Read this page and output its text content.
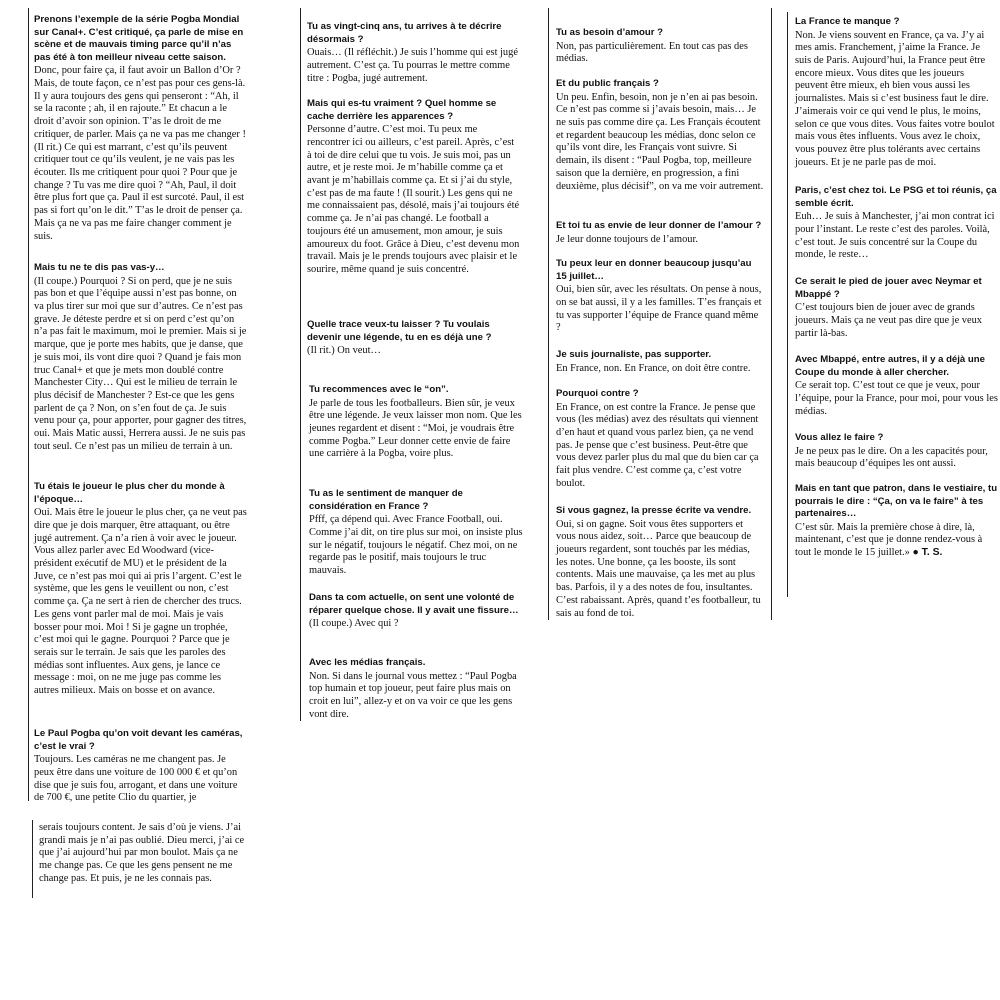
Prenons l’exemple de la série Pogba Mondial sur Canal+. C’est critiqué, ça parle de mise en scène et de mauvais timing parce qu’il n’as pas été à ton meilleur niveau cette saison.

Donc, pour faire ça, il faut avoir un Ballon d’Or ? Mais, de toute façon, ce n’est pas pour ces gens-là. Il y aura toujours des gens qui penseront : “Ah, il se la raconte ; ah, il en rajoute.” Et chacun a le droit d’avoir son opinion. T’as le droit de me critiquer, de parler. Mais ça ne va pas me changer ! (Il rit.) Ce qui est marrant, c’est qu’ils peuvent critiquer tout ce qu’ils veulent, je ne vais pas les écouter. Ils me critiquent pour quoi ? Pour que je change ? Tu vas me dire quoi ? “Ah, Paul, il doit être plus fort que ça. Paul il est surcoté. Paul, il est pas si fort qu’on le dit.” T’as le droit de penser ça. Mais ça ne va pas me faire changer comment je suis.

Mais tu ne te dis pas vas-y…

(Il coupe.) Pourquoi ? Si on perd, que je ne suis pas bon et que l’équipe aussi n’est pas bonne, on va plus tirer sur moi que sur d’autres. Ce n’est pas grave. Je déteste perdre et si on perd c’est qu’on n’a pas fait le maximum, moi le premier. Mais si je marque, que je porte mes habits, que je danse, que je suis moi, ils vont dire quoi ? Quand je fais mon truc Canal+ et que je mets mon doublé contre Manchester City… Qui est le milieu de terrain le plus décisif de Manchester ? Est-ce que les gens parlent de ça ? Non, on s’en fout de ça. Je suis venu pour ça, pour apporter, pour gagner des titres, oui. Mais Matic aussi, Herrera aussi. Je ne suis pas tout seul. Ce n’est pas un milieu de terrain à un.

Tu étais le joueur le plus cher du monde à l’époque…

Oui. Mais être le joueur le plus cher, ça ne veut pas dire que je dois marquer, être attaquant, ou être jugé autrement. Ça n’a rien à voir avec le joueur. Vous allez parler avec Ed Woodward (vice-président exécutif de MU) et le président de la Juve, ce n’est pas moi qui ai pris l’argent. C’est le système, que les gens le veuillent ou non, c’est comme ça. Ça ne sert à rien de chercher des trucs. Les gens vont parler mal de moi. Mais je vais bosser pour moi. Moi ! Si je gagne un trophée, c’est moi qui le gagne. Pourquoi ? Parce que je serais sur le terrain. Je sais que les paroles des médias sont influentes. Aux gens, je lance ce message : moi, on ne me juge pas comme les autres milieux. Mais on bosse et on avance.

Le Paul Pogba qu’on voit devant les caméras, c’est le vrai ?

Toujours. Les caméras ne me changent pas. Je peux être dans une voiture de 100 000 € et qu’on dise que je suis fou, arrogant, et dans une voiture de 700 €, une petite Clio du quartier, je

serais toujours content. Je sais d’où je viens. J’ai grandi mais je n’ai pas oublié. Dieu merci, j’ai ce que j’ai aujourd’hui par mon boulot. Mais ça ne me change pas. Ce que les gens pensent ne me change pas. Et puis, je ne les connais pas.

Tu as vingt-cinq ans, tu arrives à te décrire désormais ?

Ouais… (Il réfléchit.) Je suis l’homme qui est jugé autrement. C’est ça. Tu pourras le mettre comme titre : Pogba, jugé autrement.

Mais qui es-tu vraiment ? Quel homme se cache derrière les apparences ?

Personne d’autre. C’est moi. Tu peux me rencontrer ici ou ailleurs, c’est pareil. Après, c’est à toi de dire celui que tu vois. Je suis moi, pas un autre, et je reste moi. Je m’habille comme ça et avant je m’habillais comme ça. Et si j’ai du style, c’est pas de ma faute ! (Il sourit.) Les gens qui ne me connaissaient pas, désolé, mais j’ai toujours été comme ça. Je n’ai pas changé. Le football a toujours été un amusement, mon amour, je suis amoureux du foot. Grâce à Dieu, c’est devenu mon travail. Mais je le prends toujours avec plaisir et le sourire, même quand je suis concentré.

Quelle trace veux-tu laisser ? Tu voulais devenir une légende, tu en es déjà une ?

(Il rit.) On veut…

Tu recommences avec le “on”.

Je parle de tous les footballeurs. Bien sûr, je veux être une légende. Je veux laisser mon nom. Que les jeunes regardent et disent : “Moi, je voudrais être comme Pogba.” Leur donner cette envie de faire une carrière à la Pogba, voire plus.

Tu as le sentiment de manquer de considération en France ?

Pfff, ça dépend qui. Avec France Football, oui. Comme j’ai dit, on tire plus sur moi, on insiste plus sur le négatif, toujours le négatif. Chez moi, on ne regarde pas le positif, mais toujours le truc mauvais.

Dans ta com actuelle, on sent une volonté de réparer quelque chose. Il y avait une fissure…

(Il coupe.) Avec qui ?

Avec les médias français.

Non. Si dans le journal vous mettez : “Paul Pogba top humain et top joueur, peut faire plus mais on croit en lui”, allez-y et on va voir ce que les gens vont dire.

Tu as besoin d’amour ?

Non, pas particulièrement. En tout cas pas des médias.

Et du public français ?

Un peu. Enfin, besoin, non je n’en ai pas besoin. Ce n’est pas comme si j’avais besoin, mais… Je ne suis pas comme dire ça. Les Français écoutent et regardent beaucoup les médias, donc selon ce qu’ils vont dire, les Français vont suivre. Si demain, ils disent : “Paul Pogba, top, meilleure saison que la dernière, en progression, a fini deuxième, plus décisif”, on va me voir autrement.

Et toi tu as envie de leur donner de l’amour ?

Je leur donne toujours de l’amour.

Tu peux leur en donner beaucoup jusqu’au 15 juillet…

Oui, bien sûr, avec les résultats. On pense à nous, on se bat aussi, il y a les familles. T’es français et tu vas supporter l’équipe de France quand même ?

Je suis journaliste, pas supporter.

En France, non. En France, on doit être contre.

Pourquoi contre ?

En France, on est contre la France. Je pense que vous (les médias) avez des résultats qui viennent d’en haut et quand vous parlez bien, ça ne vend pas. Je pense que c’est business. Peut-être que vous devez parler plus du mal que du bien car ça fait plus vendre. C’est comme ça, c’est votre boulot.

Si vous gagnez, la presse écrite va vendre.

Oui, si on gagne. Soit vous êtes supporters et vous nous aidez, soit… Parce que beaucoup de joueurs regardent, sont touchés par les médias, les notes. Une bonne, ça les booste, ils sont contents. Mais une mauvaise, ça les met au plus bas. Parfois, il y a des notes de fou, insultantes. C’est rabaissant. Après, quand t’es footballeur, tu sais au fond de toi.

La France te manque ?

Non. Je viens souvent en France, ça va. J’y ai mes amis. Franchement, j’aime la France. Je suis de Paris. Aujourd’hui, la France peut être encore mieux. Vous dites que les joueurs peuvent être mieux, eh bien vous aussi les journalistes. Mais si c’est business faut le dire. J’aimerais voir ce qui vend le plus, le moins, selon ce que vous dites. Vous faites votre boulot mais vous êtes influents. Vous avez le choix, vous pouvez être plus tolérants avec certains joueurs. Et je ne parle pas de moi.

Paris, c’est chez toi. Le PSG et toi réunis, ça semble écrit.

Euh… Je suis à Manchester, j’ai mon contrat ici pour l’instant. Le reste c’est des paroles. Voilà, c’est tout. Je suis concentré sur la Coupe du monde, le reste…

Ce serait le pied de jouer avec Neymar et Mbappé ?

C’est toujours bien de jouer avec de grands joueurs. Mais ça ne veut pas dire que je veux partir là-bas.

Avec Mbappé, entre autres, il y a déjà une Coupe du monde à aller chercher.

Ce serait top. C’est tout ce que je veux, pour l’équipe, pour la France, pour moi, pour vous les médias.

Vous allez le faire ?

Je ne peux pas le dire. On a les capacités pour, mais beaucoup d’équipes les ont aussi.

Mais en tant que patron, dans le vestiaire, tu pourrais le dire : “Ça, on va le faire” à tes partenaires…

C’est sûr. Mais la première chose à dire, là, maintenant, c’est que je donne rendez-vous à tout le monde le 15 juillet.» ● T. S.
